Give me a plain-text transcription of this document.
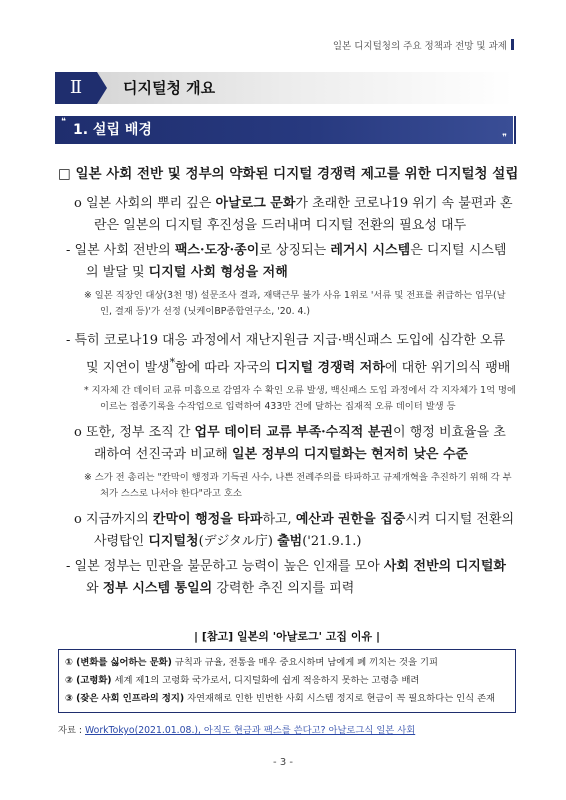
일본 디지털청의 주요 정책과 전망 및 과제
Ⅱ	디지털청 개요
❝ 1. 설립 배경	❞
□ 일본 사회 전반 및 정부의 약화된 디지털 경쟁력 제고를 위한 디지털청 설립
o 일본 사회의 뿌리 깊은 아날로그 문화가 초래한 코로나19 위기 속 불편과 혼란은 일본의 디지털 후진성을 드러내며 디지털 전환의 필요성 대두
- 일본 사회 전반의 팩스·도장·종이로 상징되는 레거시 시스템은 디지털 시스템의 발달 및 디지털 사회 형성을 저해
※ 일본 직장인 대상(3천 명) 설문조사 결과, 재택근무 불가 사유 1위로 '서류 및 전표를 취급하는 업무(날인, 결재 등)'가 선정 (닛케이BP종합연구소, '20. 4.)
- 특히 코로나19 대응 과정에서 재난지원금 지급·백신패스 도입에 심각한 오류 및 지연이 발생*함에 따라 자국의 디지털 경쟁력 저하에 대한 위기의식 팽배
* 지자체 간 데이터 교류 미흡으로 감염자 수 확인 오류 발생, 백신패스 도입 과정에서 각 지자체가 1억 명에 이르는 접종기록을 수작업으로 입력하여 433만 건에 달하는 집재적 오류 데이터 발생 등
o 또한, 정부 조직 간 업무 데이터 교류 부족·수직적 분권이 행정 비효율을 초래하여 선진국과 비교해 일본 정부의 디지털화는 현저히 낮은 수준
※ 스가 전 총리는 "칸막이 행정과 기득권 사수, 나쁜 전례주의를 타파하고 규제개혁을 추진하기 위해 각 부처가 스스로 나서야 한다"라고 호소
o 지금까지의 칸막이 행정을 타파하고, 예산과 권한을 집중시켜 디지털 전환의 사령탑인 디지털청(デジタル庁) 출범('21.9.1.)
- 일본 정부는 민관을 불문하고 능력이 높은 인재를 모아 사회 전반의 디지털화와 정부 시스템 통일의 강력한 추진 의지를 피력
| [참고] 일본의 '아날로그' 고집 이유 |
① (변화를 싫어하는 문화) 규칙과 규율, 전통을 매우 중요시하며 남에게 폐 끼치는 것을 기피
② (고령화) 세계 제1의 고령화 국가로서, 디지털화에 쉽게 적응하지 못하는 고령층 배려
③ (잦은 사회 인프라의 정지) 자연재해로 인한 빈번한 사회 시스템 정지로 현금이 꼭 필요하다는 인식 존재
자료 : WorkTokyo(2021.01.08.), 아직도 현금과 팩스를 쓴다고? 아날로그식 일본 사회
- 3 -
